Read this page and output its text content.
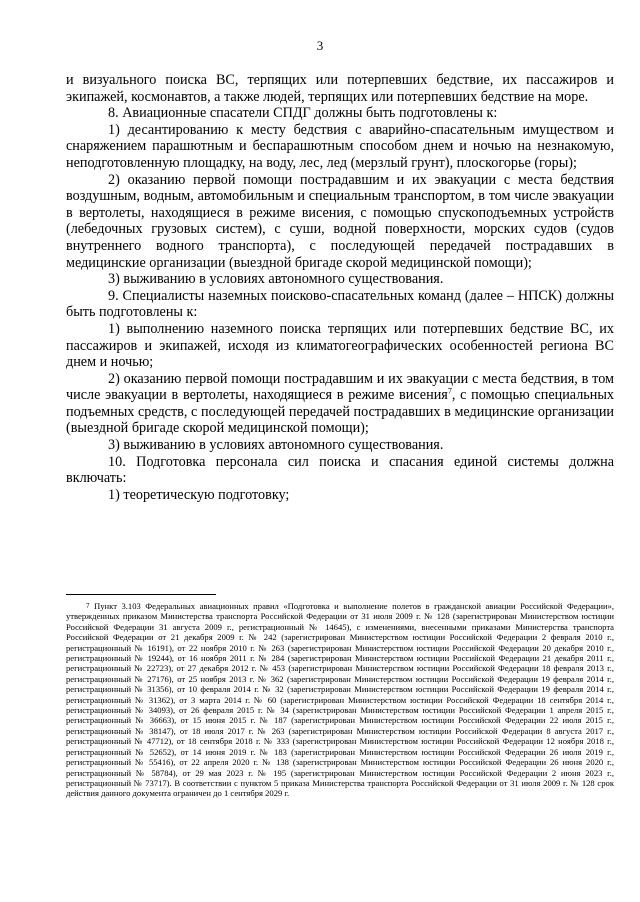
3

и визуального поиска ВС, терпящих или потерпевших бедствие, их пассажиров и экипажей, космонавтов, а также людей, терпящих или потерпевших бедствие на море.

8. Авиационные спасатели СПДГ должны быть подготовлены к:

1) десантированию к месту бедствия с аварийно-спасательным имуществом и снаряжением парашютным и беспарашютным способом днем и ночью на незнакомую, неподготовленную площадку, на воду, лес, лед (мерзлый грунт), плоскогорье (горы);

2) оказанию первой помощи пострадавшим и их эвакуации с места бедствия воздушным, водным, автомобильным и специальным транспортом, в том числе эвакуации в вертолеты, находящиеся в режиме висения, с помощью спускоподъемных устройств (лебедочных грузовых систем), с суши, водной поверхности, морских судов (судов внутреннего водного транспорта), с последующей передачей пострадавших в медицинские организации (выездной бригаде скорой медицинской помощи);

3) выживанию в условиях автономного существования.

9. Специалисты наземных поисково-спасательных команд (далее – НПСК) должны быть подготовлены к:

1) выполнению наземного поиска терпящих или потерпевших бедствие ВС, их пассажиров и экипажей, исходя из климатогеографических особенностей региона ВС днем и ночью;

2) оказанию первой помощи пострадавшим и их эвакуации с места бедствия, в том числе эвакуации в вертолеты, находящиеся в режиме висения$^7$, с помощью специальных подъемных средств, с последующей передачей пострадавших в медицинские организации (выездной бригаде скорой медицинской помощи);

3) выживанию в условиях автономного существования.

10. Подготовка персонала сил поиска и спасания единой системы должна включать:

1) теоретическую подготовку;

$^7$ Пункт 3.103 Федеральных авиационных правил «Подготовка и выполнение полетов в гражданской авиации Российской Федерации», утвержденных приказом Министерства транспорта Российской Федерации от 31 июля 2009 г. № 128 (зарегистрирован Министерством юстиции Российской Федерации 31 августа 2009 г., регистрационный № 14645), с изменениями, внесенными приказами Министерства транспорта Российской Федерации от 21 декабря 2009 г. № 242 (зарегистрирован Министерством юстиции Российской Федерации 2 февраля 2010 г., регистрационный № 16191), от 22 ноября 2010 г. № 263 (зарегистрирован Министерством юстиции Российской Федерации 20 декабря 2010 г., регистрационный № 19244), от 16 ноября 2011 г. № 284 (зарегистрирован Министерством юстиции Российской Федерации 21 декабря 2011 г., регистрационный № 22723), от 27 декабря 2012 г. № 453 (зарегистрирован Министерством юстиции Российской Федерации 18 февраля 2013 г., регистрационный № 27176), от 25 ноября 2013 г. № 362 (зарегистрирован Министерством юстиции Российской Федерации 19 февраля 2014 г., регистрационный № 31356), от 10 февраля 2014 г. № 32 (зарегистрирован Министерством юстиции Российской Федерации 19 февраля 2014 г., регистрационный № 31362), от 3 марта 2014 г. № 60 (зарегистрирован Министерством юстиции Российской Федерации 18 сентября 2014 г., регистрационный № 34093), от 26 февраля 2015 г. № 34 (зарегистрирован Министерством юстиции Российской Федерации 1 апреля 2015 г., регистрационный № 36663), от 15 июня 2015 г. № 187 (зарегистрирован Министерством юстиции Российской Федерации 22 июля 2015 г., регистрационный № 38147), от 18 июля 2017 г. № 263 (зарегистрирован Министерством юстиции Российской Федерации 8 августа 2017 г., регистрационный № 47712), от 18 сентября 2018 г. № 333 (зарегистрирован Министерством юстиции Российской Федерации 12 ноября 2018 г., регистрационный № 52652), от 14 июня 2019 г. № 183 (зарегистрирован Министерством юстиции Российской Федерации 26 июля 2019 г., регистрационный № 55416), от 22 апреля 2020 г. № 138 (зарегистрирован Министерством юстиции Российской Федерации 26 июня 2020 г., регистрационный № 58784), от 29 мая 2023 г. № 195 (зарегистрирован Министерством юстиции Российской Федерации 2 июня 2023 г., регистрационный № 73717). В соответствии с пунктом 5 приказа Министерства транспорта Российской Федерации от 31 июля 2009 г. № 128 срок действия данного документа ограничен до 1 сентября 2029 г.
